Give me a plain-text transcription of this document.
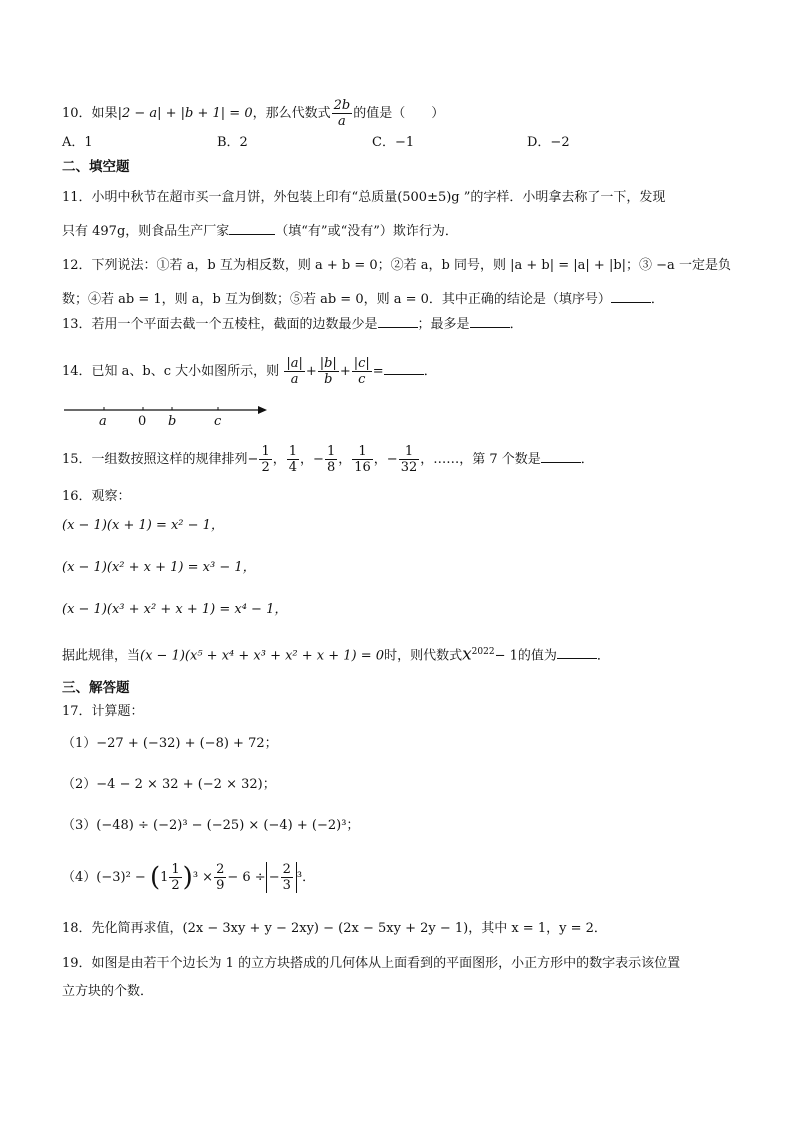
10．如果|2 − a| + |b + 1| = 0，那么代数式 $\frac{2b}{a}$ 的值是（　　）
A．1	B．2	C．−1	D．−2
二、填空题
11．小明中秋节在超市买一盒月饼，外包装上印有“总质量(500±5)g ”的字样．小明拿去称了一下，发现
只有 497g，则食品生产厂家	（填“有”或“没有”）欺诈行为．
12．下列说法：①若 a，b 互为相反数，则 a + b = 0；②若 a，b 同号，则 |a + b| = |a| + |b|；③ −a 一定是负
数；④若 ab = 1，则 a，b 互为倒数；⑤若 ab = 0，则 a = 0．其中正确的结论是（填序号）	．
13．若用一个平面去截一个五棱柱，截面的边数最少是	；最多是	．
14．已知 a、b、c 大小如图所示，则 $\frac{|a|}{a} + \frac{|b|}{b} + \frac{|c|}{c}$ =	．
a 0 b	c
15．一组数按照这样的规律排列− $\frac{1}{2}$ ， $\frac{1}{4}$ ，− $\frac{1}{8}$ ， $\frac{1}{16}$ ，− $\frac{1}{32}$ ，……，第 7 个数是	．
16．观察：
(x − 1)(x + 1) = x² − 1，
(x − 1)(x² + x + 1) = x³ − 1，
(x − 1)(x³ + x² + x + 1) = x⁴ − 1，
据此规律，当(x − 1)(x⁵ + x⁴ + x³ + x² + x + 1) = 0时，则代数式$x^{2022}- 1$的值为	．
三、解答题
17．计算题：
（1）−27 + (−32) + (−8) + 72；
（2）−4 − 2 × 32 + (−2 × 32)；
（3）(−48) ÷ (−2)³ − (−25) × (−4) + (−2)³；
$(4)(-3)^2 - (1 \frac{1}{2} )^3 \times \frac{2}{9} - 6$ ÷ − $\frac{2}{3} ^3$．
18．先化简再求值，(2x − 3xy + y − 2xy) − (2x − 5xy + 2y − 1)，其中 x = 1，y = 2．
19．如图是由若干个边长为 1 的立方块搭成的几何体从上面看到的平面图形，小正方形中的数字表示该位置
立方块的个数．
